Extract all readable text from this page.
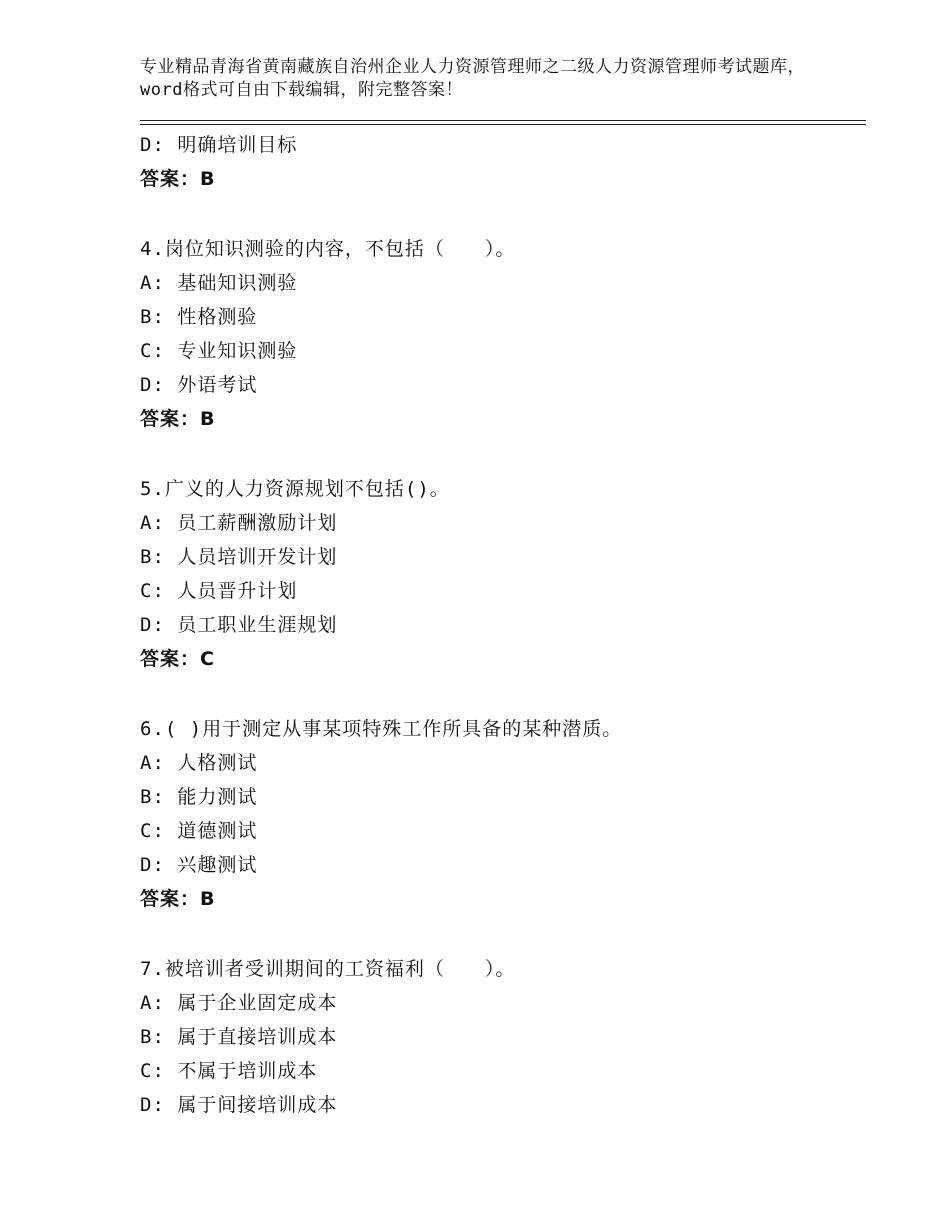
专业精品青海省黄南藏族自治州企业人力资源管理师之二级人力资源管理师考试题库，word格式可自由下载编辑，附完整答案！
D: 明确培训目标
答案：B
4.岗位知识测验的内容，不包括（　　）。
A: 基础知识测验
B: 性格测验
C: 专业知识测验
D: 外语考试
答案：B
5.广义的人力资源规划不包括()。
A: 员工薪酬激励计划
B: 人员培训开发计划
C: 人员晋升计划
D: 员工职业生涯规划
答案：C
6.( )用于测定从事某项特殊工作所具备的某种潜质。
A: 人格测试
B: 能力测试
C: 道德测试
D: 兴趣测试
答案：B
7.被培训者受训期间的工资福利（　　）。
A: 属于企业固定成本
B: 属于直接培训成本
C: 不属于培训成本
D: 属于间接培训成本
